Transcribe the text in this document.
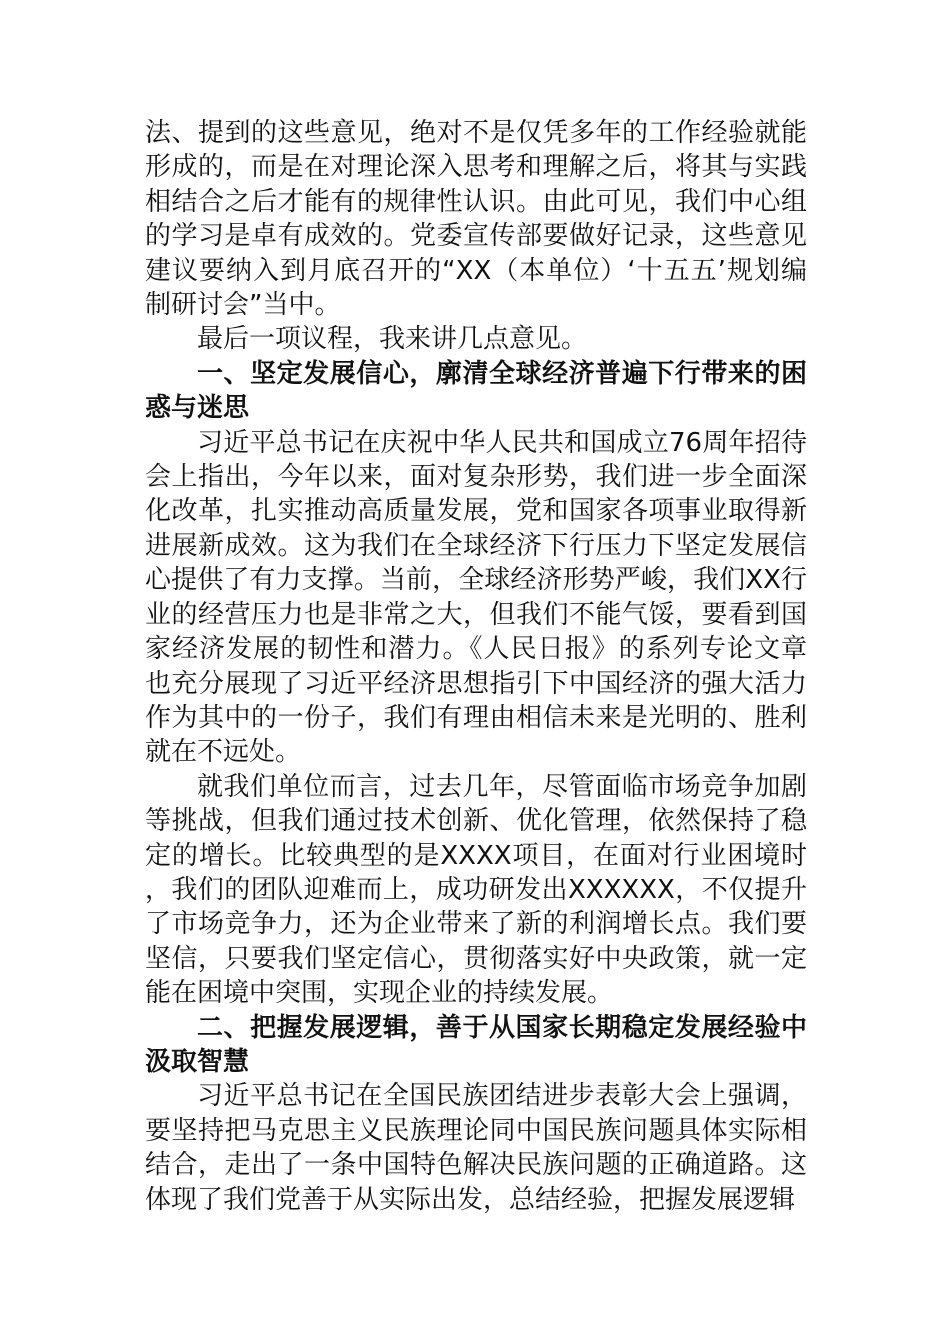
法、提到的这些意见，绝对不是仅凭多年的工作经验就能形成的，而是在对理论深入思考和理解之后，将其与实践相结合之后才能有的规律性认识。由此可见，我们中心组的学习是卓有成效的。党委宣传部要做好记录，这些意见建议要纳入到月底召开的“XX（本单位）‘十五五’规划编制研讨会”当中。

最后一项议程，我来讲几点意见。

一、坚定发展信心，廓清全球经济普遍下行带来的困惑与迷思

习近平总书记在庆祝中华人民共和国成立76周年招待会上指出，今年以来，面对复杂形势，我们进一步全面深化改革，扎实推动高质量发展，党和国家各项事业取得新进展新成效。这为我们在全球经济下行压力下坚定发展信心提供了有力支撑。当前，全球经济形势严峻，我们XX行业的经营压力也是非常之大，但我们不能气馁，要看到国家经济发展的韧性和潜力。《人民日报》的系列专论文章也充分展现了习近平经济思想指引下中国经济的强大活力作为其中的一份子，我们有理由相信未来是光明的、胜利就在不远处。

就我们单位而言，过去几年，尽管面临市场竞争加剧等挑战，但我们通过技术创新、优化管理，依然保持了稳定的增长。比较典型的是XXXX项目，在面对行业困境时，我们的团队迎难而上，成功研发出XXXXXX，不仅提升了市场竞争力，还为企业带来了新的利润增长点。我们要坚信，只要我们坚定信心，贯彻落实好中央政策，就一定能在困境中突围，实现企业的持续发展。

二、把握发展逻辑，善于从国家长期稳定发展经验中汲取智慧

习近平总书记在全国民族团结进步表彰大会上强调，要坚持把马克思主义民族理论同中国民族问题具体实际相结合，走出了一条中国特色解决民族问题的正确道路。这体现了我们党善于从实际出发，总结经验，把握发展逻辑
